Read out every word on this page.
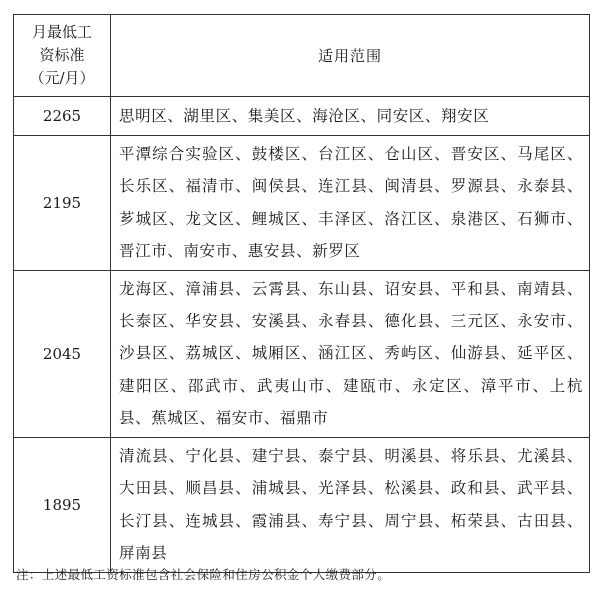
月最低工
资标准
（元/月）	适用范围
2265	思明区、湖里区、集美区、海沧区、同安区、翔安区
2195	平潭综合实验区、鼓楼区、台江区、仓山区、晋安区、马尾区、长乐区、福清市、闽侯县、连江县、闽清县、罗源县、永泰县、芗城区、龙文区、鲤城区、丰泽区、洛江区、泉港区、石狮市、晋江市、南安市、惠安县、新罗区
2045	龙海区、漳浦县、云霄县、东山县、诏安县、平和县、南靖县、长泰区、华安县、安溪县、永春县、德化县、三元区、永安市、沙县区、荔城区、城厢区、涵江区、秀屿区、仙游县、延平区、建阳区、邵武市、武夷山市、建瓯市、永定区、漳平市、上杭县、蕉城区、福安市、福鼎市
1895	清流县、宁化县、建宁县、泰宁县、明溪县、将乐县、尤溪县、大田县、顺昌县、浦城县、光泽县、松溪县、政和县、武平县、长汀县、连城县、霞浦县、寿宁县、周宁县、柘荣县、古田县、屏南县
注：上述最低工资标准包含社会保险和住房公积金个人缴费部分。
